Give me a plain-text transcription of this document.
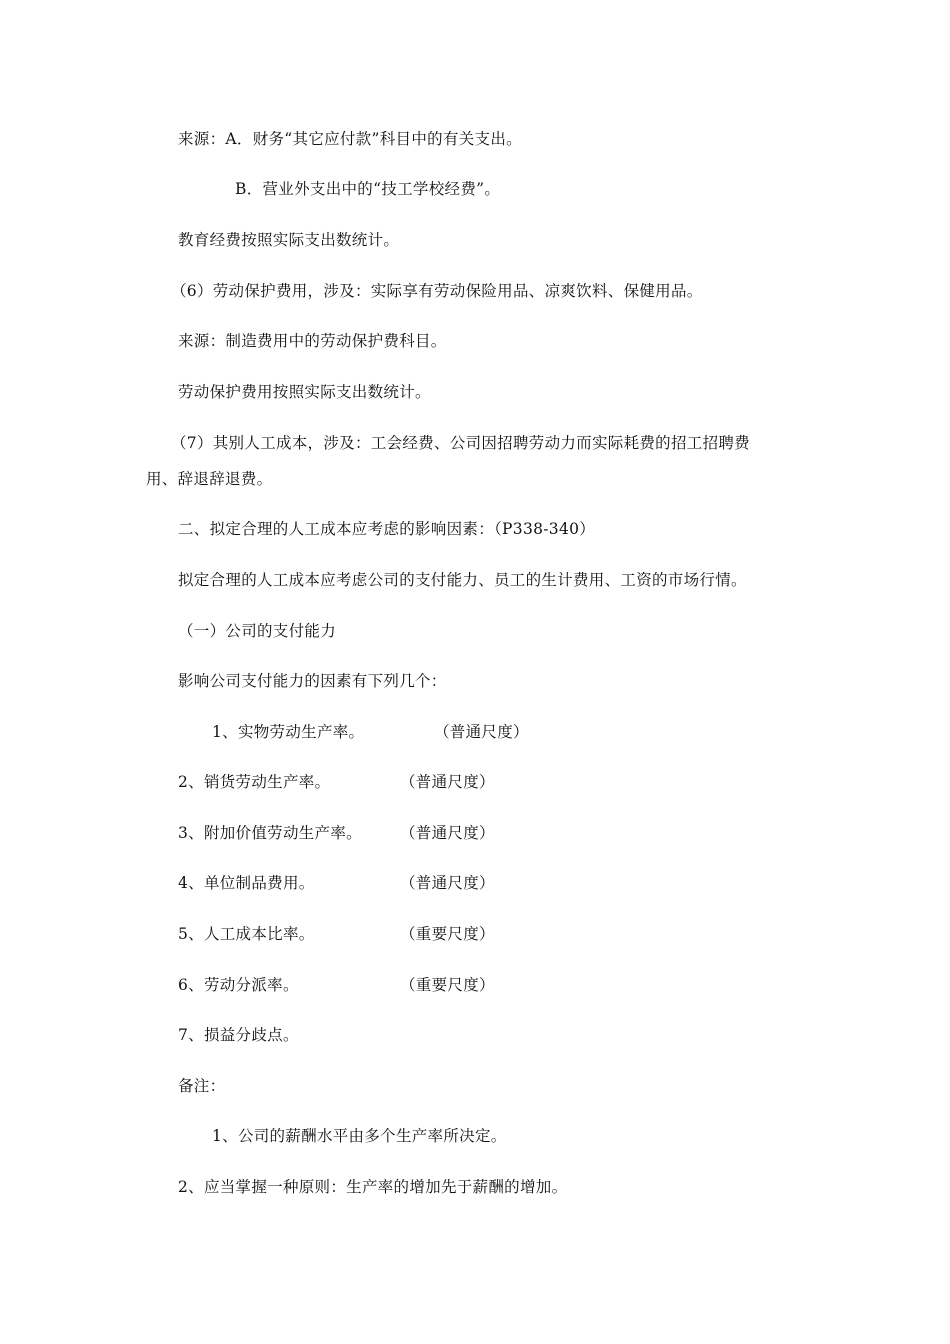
来源：A．财务“其它应付款”科目中的有关支出。
B．营业外支出中的“技工学校经费”。
教育经费按照实际支出数统计。
（6）劳动保护费用，涉及：实际享有劳动保险用品、凉爽饮料、保健用品。
来源：制造费用中的劳动保护费科目。
劳动保护费用按照实际支出数统计。
（7）其别人工成本，涉及：工会经费、公司因招聘劳动力而实际耗费的招工招聘费
用、辞退辞退费。
二、拟定合理的人工成本应考虑的影响因素：（P338-340）
拟定合理的人工成本应考虑公司的支付能力、员工的生计费用、工资的市场行情。
（一）公司的支付能力
影响公司支付能力的因素有下列几个：
1、实物劳动生产率。	（普通尺度）
2、销货劳动生产率。	（普通尺度）
3、附加价值劳动生产率。 （普通尺度）
4、单位制品费用。	（普通尺度）
5、人工成本比率。	（重要尺度）
6、劳动分派率。	（重要尺度）
7、损益分歧点。
备注：
1、公司的薪酬水平由多个生产率所决定。
2、应当掌握一种原则：生产率的增加先于薪酬的增加。
